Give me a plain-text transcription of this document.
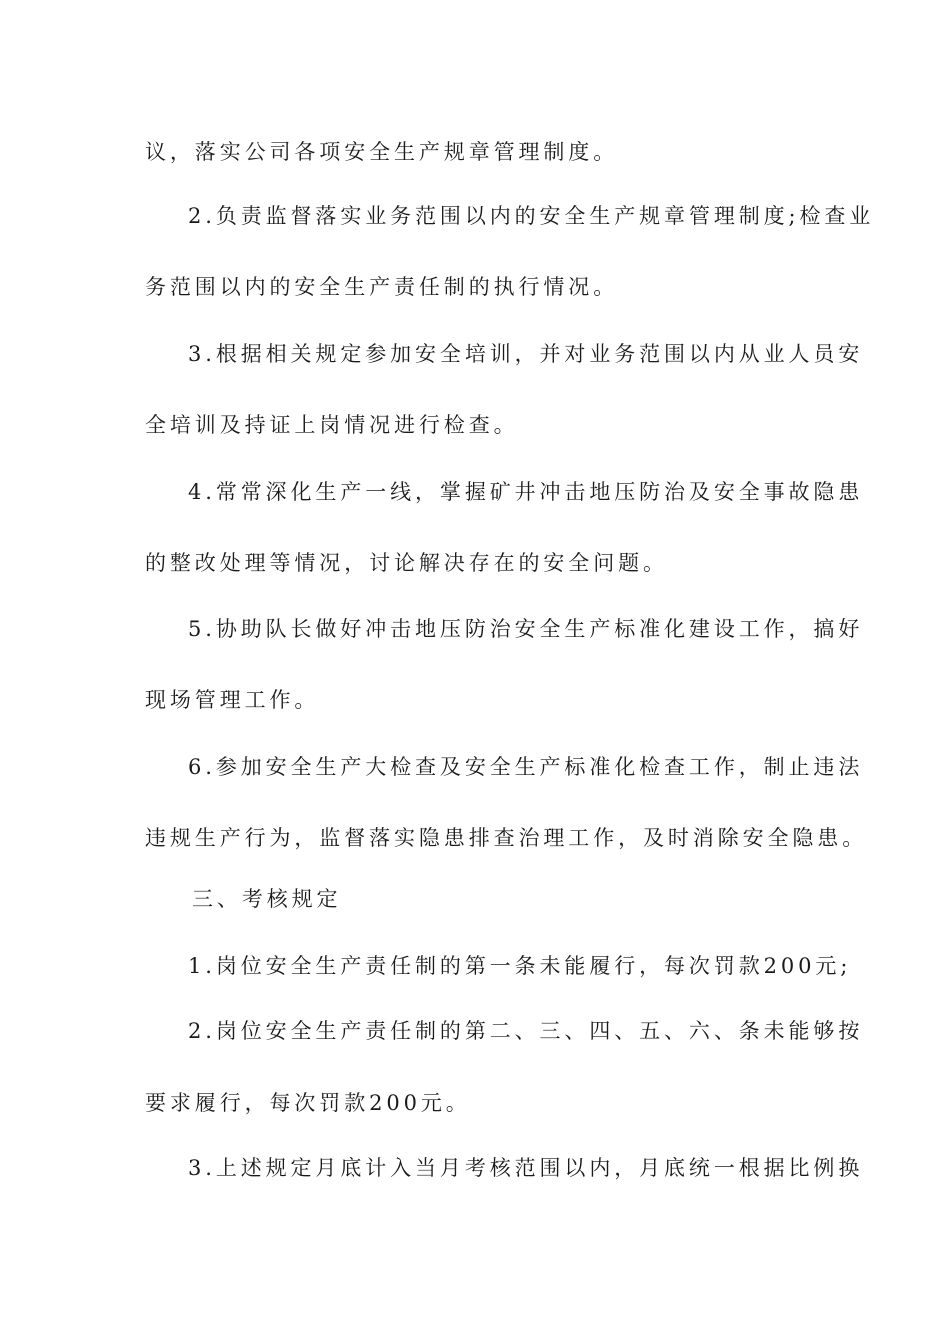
议，落实公司各项安全生产规章管理制度。

2.负责监督落实业务范围以内的安全生产规章管理制度;检查业

务范围以内的安全生产责任制的执行情况。

3.根据相关规定参加安全培训，并对业务范围以内从业人员安

全培训及持证上岗情况进行检查。

4.常常深化生产一线，掌握矿井冲击地压防治及安全事故隐患

的整改处理等情况，讨论解决存在的安全问题。

5.协助队长做好冲击地压防治安全生产标准化建设工作，搞好

现场管理工作。

6.参加安全生产大检查及安全生产标准化检查工作，制止违法

违规生产行为，监督落实隐患排查治理工作，及时消除安全隐患。

三、考核规定

1.岗位安全生产责任制的第一条未能履行，每次罚款200元;

2.岗位安全生产责任制的第二、三、四、五、六、条未能够按

要求履行，每次罚款200元。

3.上述规定月底计入当月考核范围以内，月底统一根据比例换
